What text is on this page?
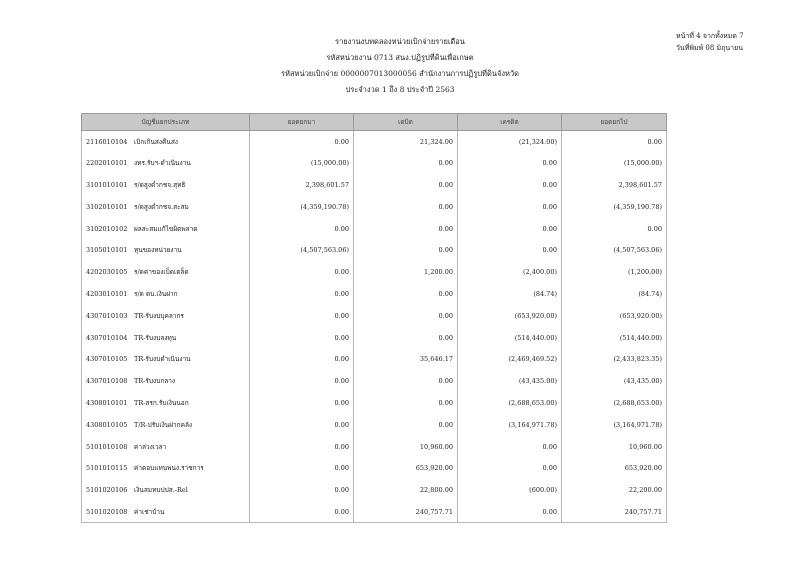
รายงานงบทดลองหน่วยเบิกจ่ายรายเดือน
รหัสหน่วยงาน 0713 สนง.ปฏิรูปที่ดินเพื่อเกษต
รหัสหน่วยเบิกจ่าย 0000007013000056 สำนักงานการปฏิรูปที่ดินจังหวัด
ประจำงวด 1 ถึง 8 ประจำปี 2563
หน้าที่ 4 จากทั้งหมด 7
วันที่พิมพ์ 08 มิถุนายน
บัญชีแยกประเภท	ยอดยกมา	เดบิต	เครดิต	ยอดยกไป
2116010104 เบิกเกินส่งคืนส่ง	0.00	21,324.00	(21,324.00)	0.00
2202010101 งทร.รับฯ-ดำเนินงาน	(15,000.00)	0.00	0.00	(15,000.00)
3101010101 ร/ดสูงต่ำกชจ.สุทธิ	2,398,601.57	0.00	0.00	2,398,601.57
3102010101 ร/ดสูงต่ำกชจ.สะสม	(4,359,190.78)	0.00	0.00	(4,359,190.78)
3102010102 ผลสะสมแก้ไขผิดพลาด	0.00	0.00	0.00	0.00
3105010101 ทุนของหน่วยงาน	(4,507,563.06)	0.00	0.00	(4,507,563.06)
4202030105 ร/ดค่าของเบ็ดเตล็ด	0.00	1,200.00	(2,400.00)	(1,200.00)
4203010101 ร/ด ดบ.เงินฝาก	0.00	0.00	(84.74)	(84.74)
4307010103 TR-รับงบบุคลากร	0.00	0.00	(653,920.00)	(653,920.00)
4307010104 TR-รับงบลงทุน	0.00	0.00	(514,440.00)	(514,440.00)
4307010105 TR-รับงบดำเนินงาน	0.00	35,646.17	(2,469,469.52)	(2,433,823.35)
4307010108 TR-รับงบกลาง	0.00	0.00	(43,435.00)	(43,435.00)
4308010101 TR-สรก.รับเงินนอก	0.00	0.00	(2,688,653.00)	(2,688,653.00)
4308010105 T/R-ปรับเงินฝากคลัง	0.00	0.00	(3,164,971.78)	(3,164,971.78)
5101010108 ค่าล่วงเวลา	0.00	10,960.00	0.00	10,960.00
5101010115 ค่าตอบแทนพนง.ราชการ	0.00	653,920.00	0.00	653,920.00
5101020106 เงินสมทบปปส.-Rel	0.00	22,800.00	(600.00)	22,200.00
5101020108 ค่าเช่าบ้าน	0.00	240,757.71	0.00	240,757.71
